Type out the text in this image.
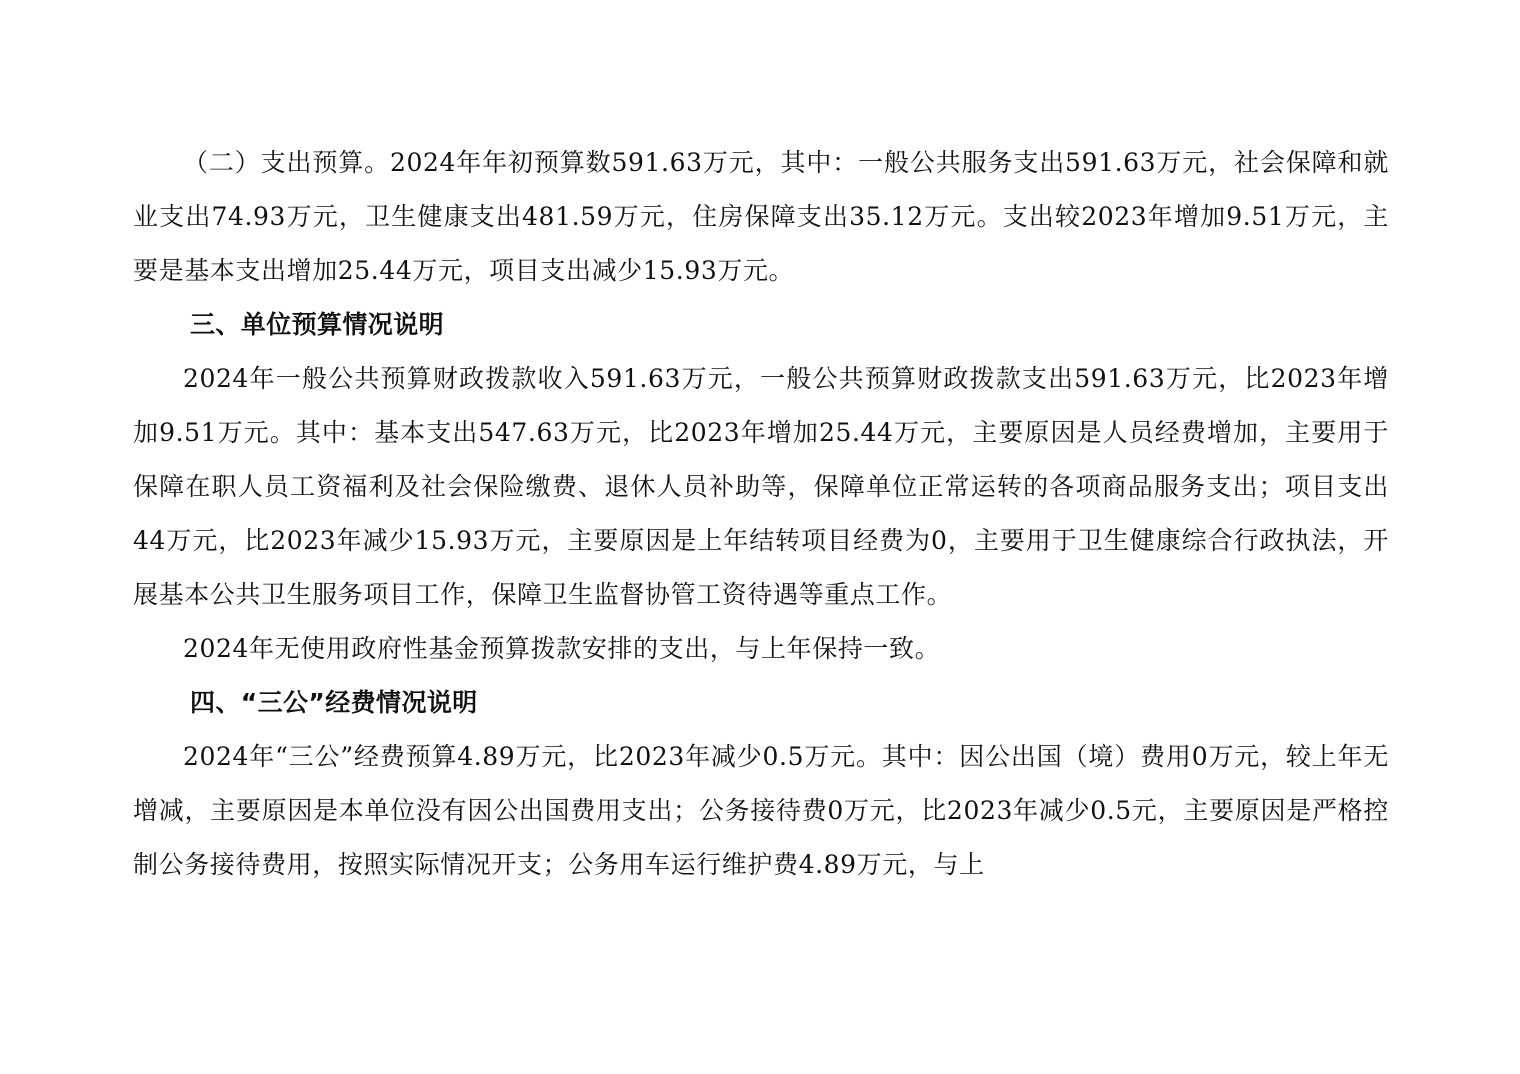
（二）支出预算。2024年年初预算数591.63万元，其中：一般公共服务支出591.63万元，社会保障和就业支出74.93万元，卫生健康支出481.59万元，住房保障支出35.12万元。支出较2023年增加9.51万元，主要是基本支出增加25.44万元，项目支出减少15.93万元。

三、单位预算情况说明

2024年一般公共预算财政拨款收入591.63万元，一般公共预算财政拨款支出591.63万元，比2023年增加9.51万元。其中：基本支出547.63万元，比2023年增加25.44万元，主要原因是人员经费增加，主要用于保障在职人员工资福利及社会保险缴费、退休人员补助等，保障单位正常运转的各项商品服务支出；项目支出44万元，比2023年减少15.93万元，主要原因是上年结转项目经费为0，主要用于卫生健康综合行政执法，开展基本公共卫生服务项目工作，保障卫生监督协管工资待遇等重点工作。

2024年无使用政府性基金预算拨款安排的支出，与上年保持一致。

四、“三公”经费情况说明

2024年“三公”经费预算4.89万元，比2023年减少0.5万元。其中：因公出国（境）费用0万元，较上年无增减，主要原因是本单位没有因公出国费用支出；公务接待费0万元，比2023年减少0.5元，主要原因是严格控制公务接待费用，按照实际情况开支；公务用车运行维护费4.89万元，与上
